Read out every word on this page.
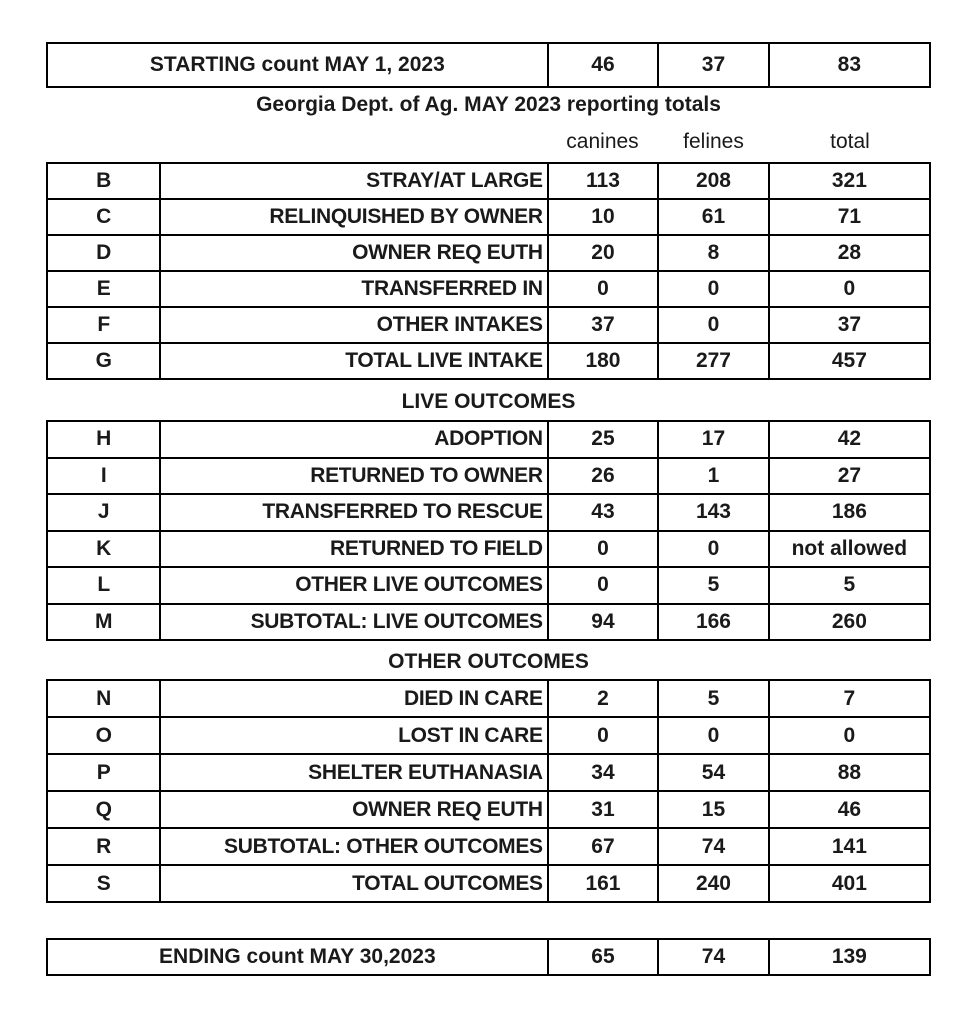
STARTING count MAY 1, 2023	46	37	83
Georgia Dept. of Ag. MAY 2023 reporting totals
canines	felines	total
B	STRAY/AT LARGE	113	208	321
C	RELINQUISHED BY OWNER	10	61	71
D	OWNER REQ EUTH	20	8	28
E	TRANSFERRED IN	0	0	0
F	OTHER INTAKES	37	0	37
G	TOTAL LIVE INTAKE	180	277	457
LIVE OUTCOMES
H	ADOPTION	25	17	42
I	RETURNED TO OWNER	26	1	27
J	TRANSFERRED TO RESCUE	43	143	186
K	RETURNED TO FIELD	0	0	not allowed
L	OTHER LIVE OUTCOMES	0	5	5
M	SUBTOTAL: LIVE OUTCOMES	94	166	260
OTHER OUTCOMES
N	DIED IN CARE	2	5	7
O	LOST IN CARE	0	0	0
P	SHELTER EUTHANASIA	34	54	88
Q	OWNER REQ EUTH	31	15	46
R	SUBTOTAL: OTHER OUTCOMES	67	74	141
S	TOTAL OUTCOMES	161	240	401
ENDING count MAY 30,2023	65	74	139
